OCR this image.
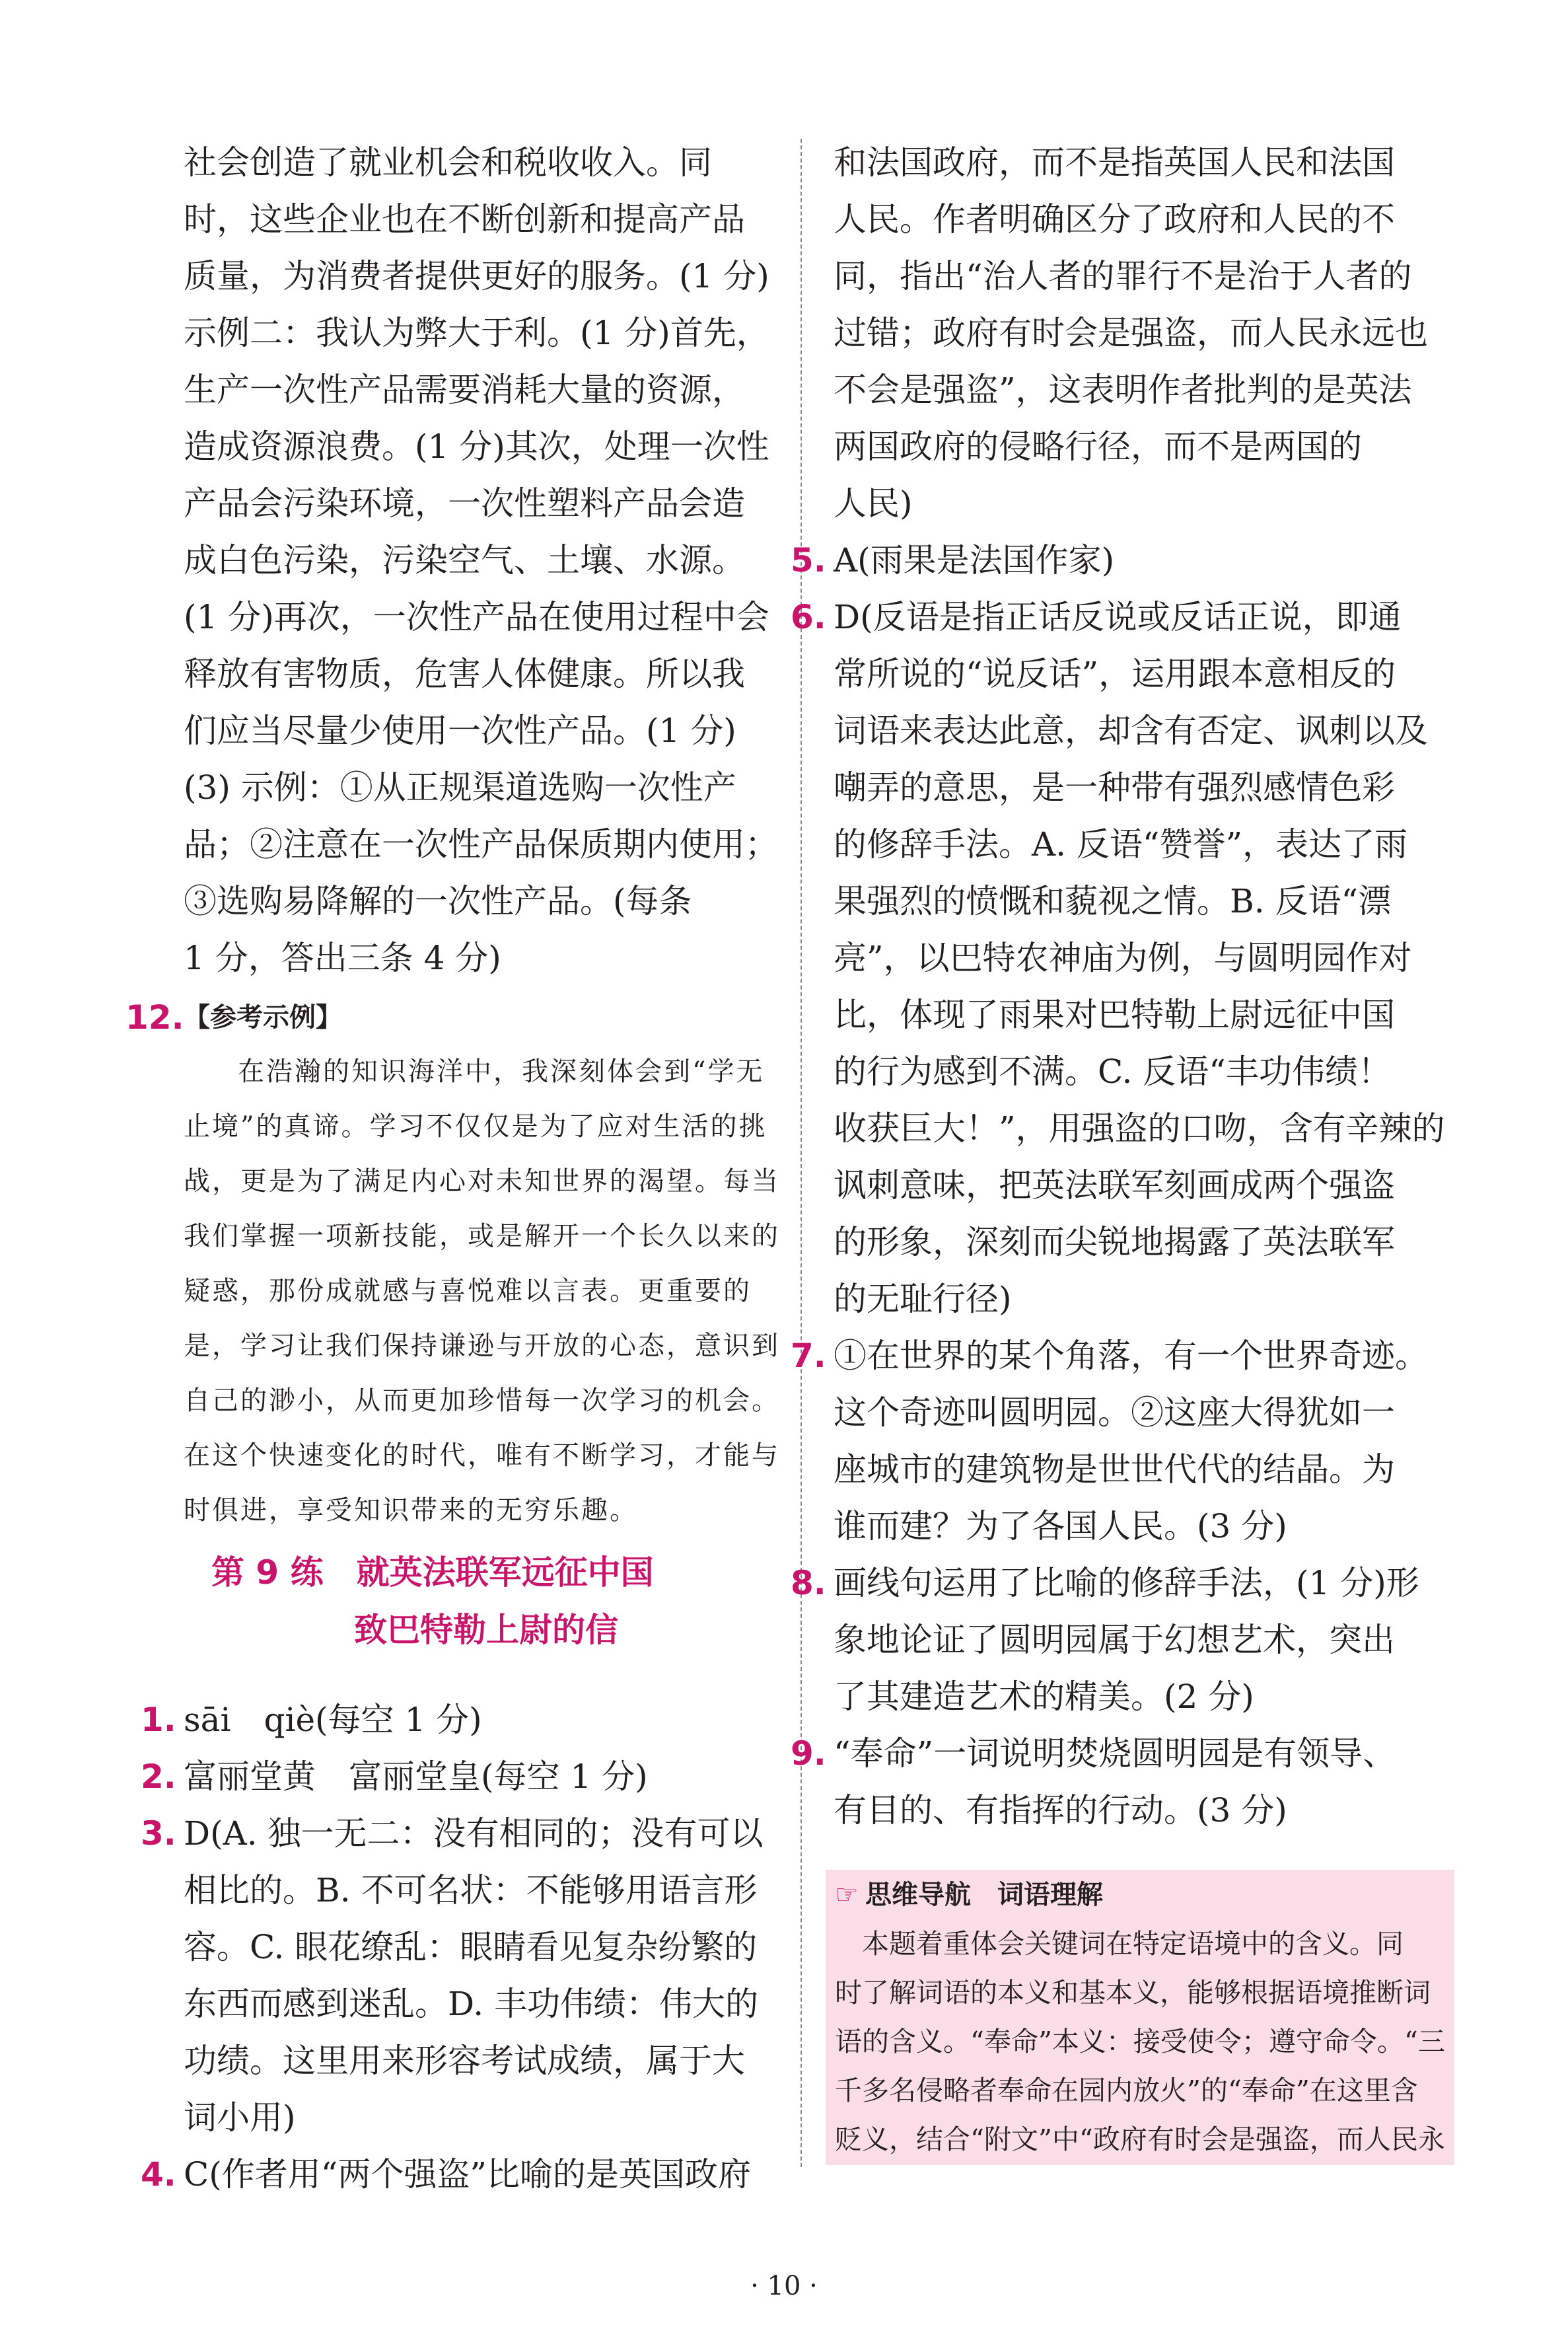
社会创造了就业机会和税收收入。同
时，这些企业也在不断创新和提高产品
质量，为消费者提供更好的服务。(1 分)
示例二：我认为弊大于利。(1 分)首先，
生产一次性产品需要消耗大量的资源，
造成资源浪费。(1 分)其次，处理一次性
产品会污染环境，一次性塑料产品会造
成白色污染，污染空气、土壤、水源。
(1 分)再次，一次性产品在使用过程中会
释放有害物质，危害人体健康。所以我
们应当尽量少使用一次性产品。(1 分)
(3) 示例：①从正规渠道选购一次性产
品；②注意在一次性产品保质期内使用；
③选购易降解的一次性产品。(每条
1 分，答出三条 4 分)
12. 【参考示例】
在浩瀚的知识海洋中，我深刻体会到“学无
止境”的真谛。学习不仅仅是为了应对生活的挑
战，更是为了满足内心对未知世界的渴望。每当
我们掌握一项新技能，或是解开一个长久以来的
疑惑，那份成就感与喜悦难以言表。更重要的
是，学习让我们保持谦逊与开放的心态，意识到
自己的渺小，从而更加珍惜每一次学习的机会。
在这个快速变化的时代，唯有不断学习，才能与
时俱进，享受知识带来的无穷乐趣。
第 9 练　就英法联军远征中国
致巴特勒上尉的信
1. sāi　qiè(每空 1 分)
2. 富丽堂黄　富丽堂皇(每空 1 分)
3. D(A. 独一无二：没有相同的；没有可以
相比的。B. 不可名状：不能够用语言形
容。C. 眼花缭乱：眼睛看见复杂纷繁的
东西而感到迷乱。D. 丰功伟绩：伟大的
功绩。这里用来形容考试成绩，属于大
词小用)
4. C(作者用“两个强盗”比喻的是英国政府
和法国政府，而不是指英国人民和法国
人民。作者明确区分了政府和人民的不
同，指出“治人者的罪行不是治于人者的
过错；政府有时会是强盗，而人民永远也
不会是强盗”，这表明作者批判的是英法
两国政府的侵略行径，而不是两国的
人民)
5. A(雨果是法国作家)
6. D(反语是指正话反说或反话正说，即通
常所说的“说反话”，运用跟本意相反的
词语来表达此意，却含有否定、讽刺以及
嘲弄的意思，是一种带有强烈感情色彩
的修辞手法。A. 反语“赞誉”，表达了雨
果强烈的愤慨和藐视之情。B. 反语“漂
亮”，以巴特农神庙为例，与圆明园作对
比，体现了雨果对巴特勒上尉远征中国
的行为感到不满。C. 反语“丰功伟绩！
收获巨大！”，用强盗的口吻，含有辛辣的
讽刺意味，把英法联军刻画成两个强盗
的形象，深刻而尖锐地揭露了英法联军
的无耻行径)
7. ①在世界的某个角落，有一个世界奇迹。
这个奇迹叫圆明园。②这座大得犹如一
座城市的建筑物是世世代代的结晶。为
谁而建？为了各国人民。(3 分)
8. 画线句运用了比喻的修辞手法，(1 分)形
象地论证了圆明园属于幻想艺术，突出
了其建造艺术的精美。(2 分)
9. “奉命”一词说明焚烧圆明园是有领导、
有目的、有指挥的行动。(3 分)
☞ 思维导航 词语理解
　本题着重体会关键词在特定语境中的含义。同
时了解词语的本义和基本义，能够根据语境推断词
语的含义。“奉命”本义：接受使令；遵守命令。“三
千多名侵略者奉命在园内放火”的“奉命”在这里含
贬义，结合“附文”中“政府有时会是强盗，而人民永
· 10 ·
